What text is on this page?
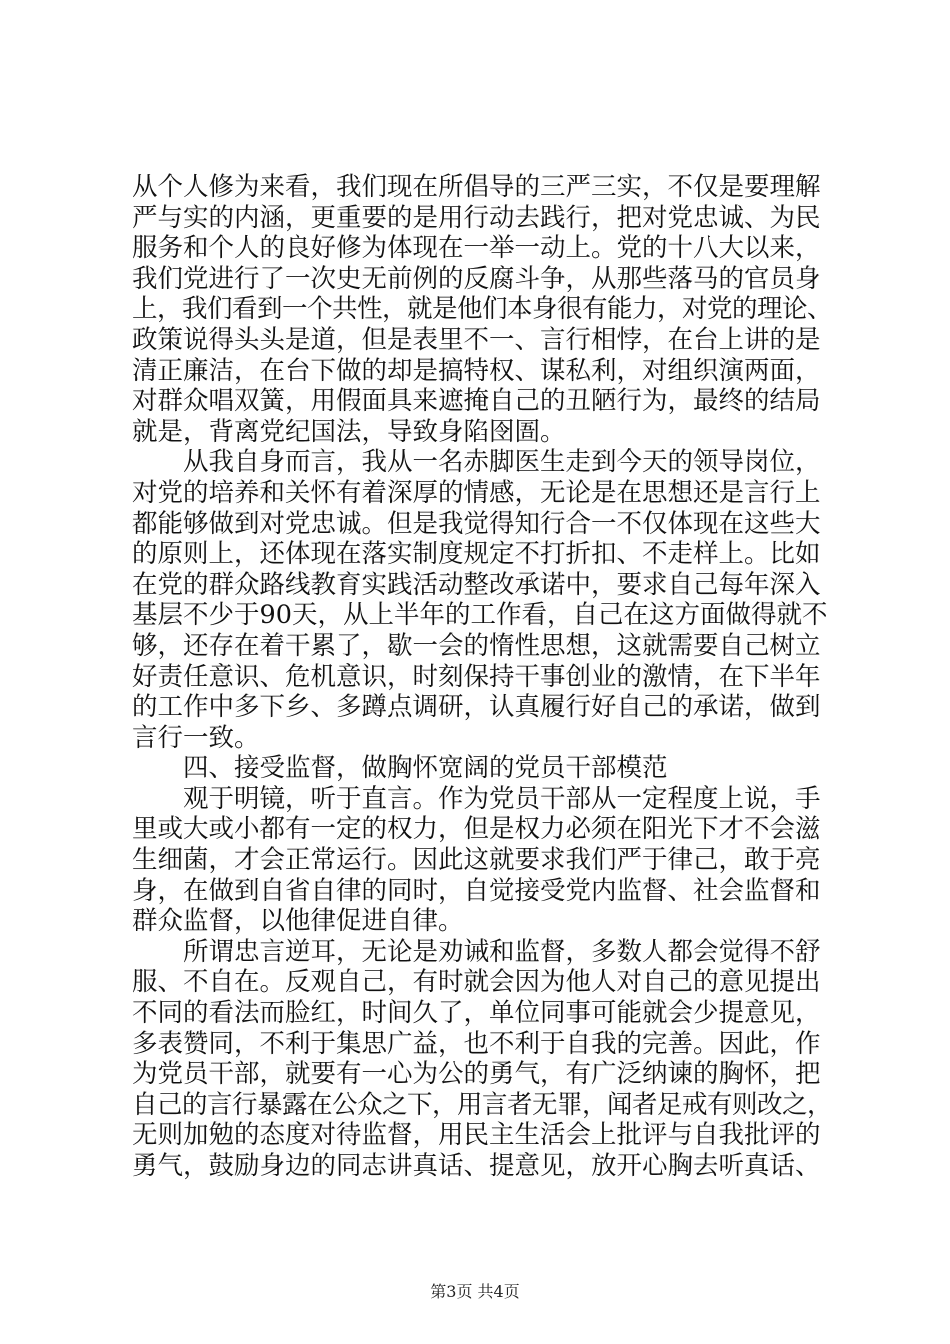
从个人修为来看，我们现在所倡导的三严三实，不仅是要理解
严与实的内涵，更重要的是用行动去践行，把对党忠诚、为民
服务和个人的良好修为体现在一举一动上。党的十八大以来，
我们党进行了一次史无前例的反腐斗争，从那些落马的官员身
上，我们看到一个共性，就是他们本身很有能力，对党的理论、
政策说得头头是道，但是表里不一、言行相悖，在台上讲的是
清正廉洁，在台下做的却是搞特权、谋私利，对组织演两面，
对群众唱双簧，用假面具来遮掩自己的丑陋行为，最终的结局
就是，背离党纪国法，导致身陷囹圄。
从我自身而言，我从一名赤脚医生走到今天的领导岗位，
对党的培养和关怀有着深厚的情感，无论是在思想还是言行上
都能够做到对党忠诚。但是我觉得知行合一不仅体现在这些大
的原则上，还体现在落实制度规定不打折扣、不走样上。比如
在党的群众路线教育实践活动整改承诺中，要求自己每年深入
基层不少于90天，从上半年的工作看，自己在这方面做得就不
够，还存在着干累了，歇一会的惰性思想，这就需要自己树立
好责任意识、危机意识，时刻保持干事创业的激情，在下半年
的工作中多下乡、多蹲点调研，认真履行好自己的承诺，做到
言行一致。
四、接受监督，做胸怀宽阔的党员干部模范
观于明镜，听于直言。作为党员干部从一定程度上说，手
里或大或小都有一定的权力，但是权力必须在阳光下才不会滋
生细菌，才会正常运行。因此这就要求我们严于律己，敢于亮
身，在做到自省自律的同时，自觉接受党内监督、社会监督和
群众监督，以他律促进自律。
所谓忠言逆耳，无论是劝诫和监督，多数人都会觉得不舒
服、不自在。反观自己，有时就会因为他人对自己的意见提出
不同的看法而脸红，时间久了，单位同事可能就会少提意见，
多表赞同，不利于集思广益，也不利于自我的完善。因此，作
为党员干部，就要有一心为公的勇气，有广泛纳谏的胸怀，把
自己的言行暴露在公众之下，用言者无罪，闻者足戒有则改之，
无则加勉的态度对待监督，用民主生活会上批评与自我批评的
勇气，鼓励身边的同志讲真话、提意见，放开心胸去听真话、
第3页 共4页
